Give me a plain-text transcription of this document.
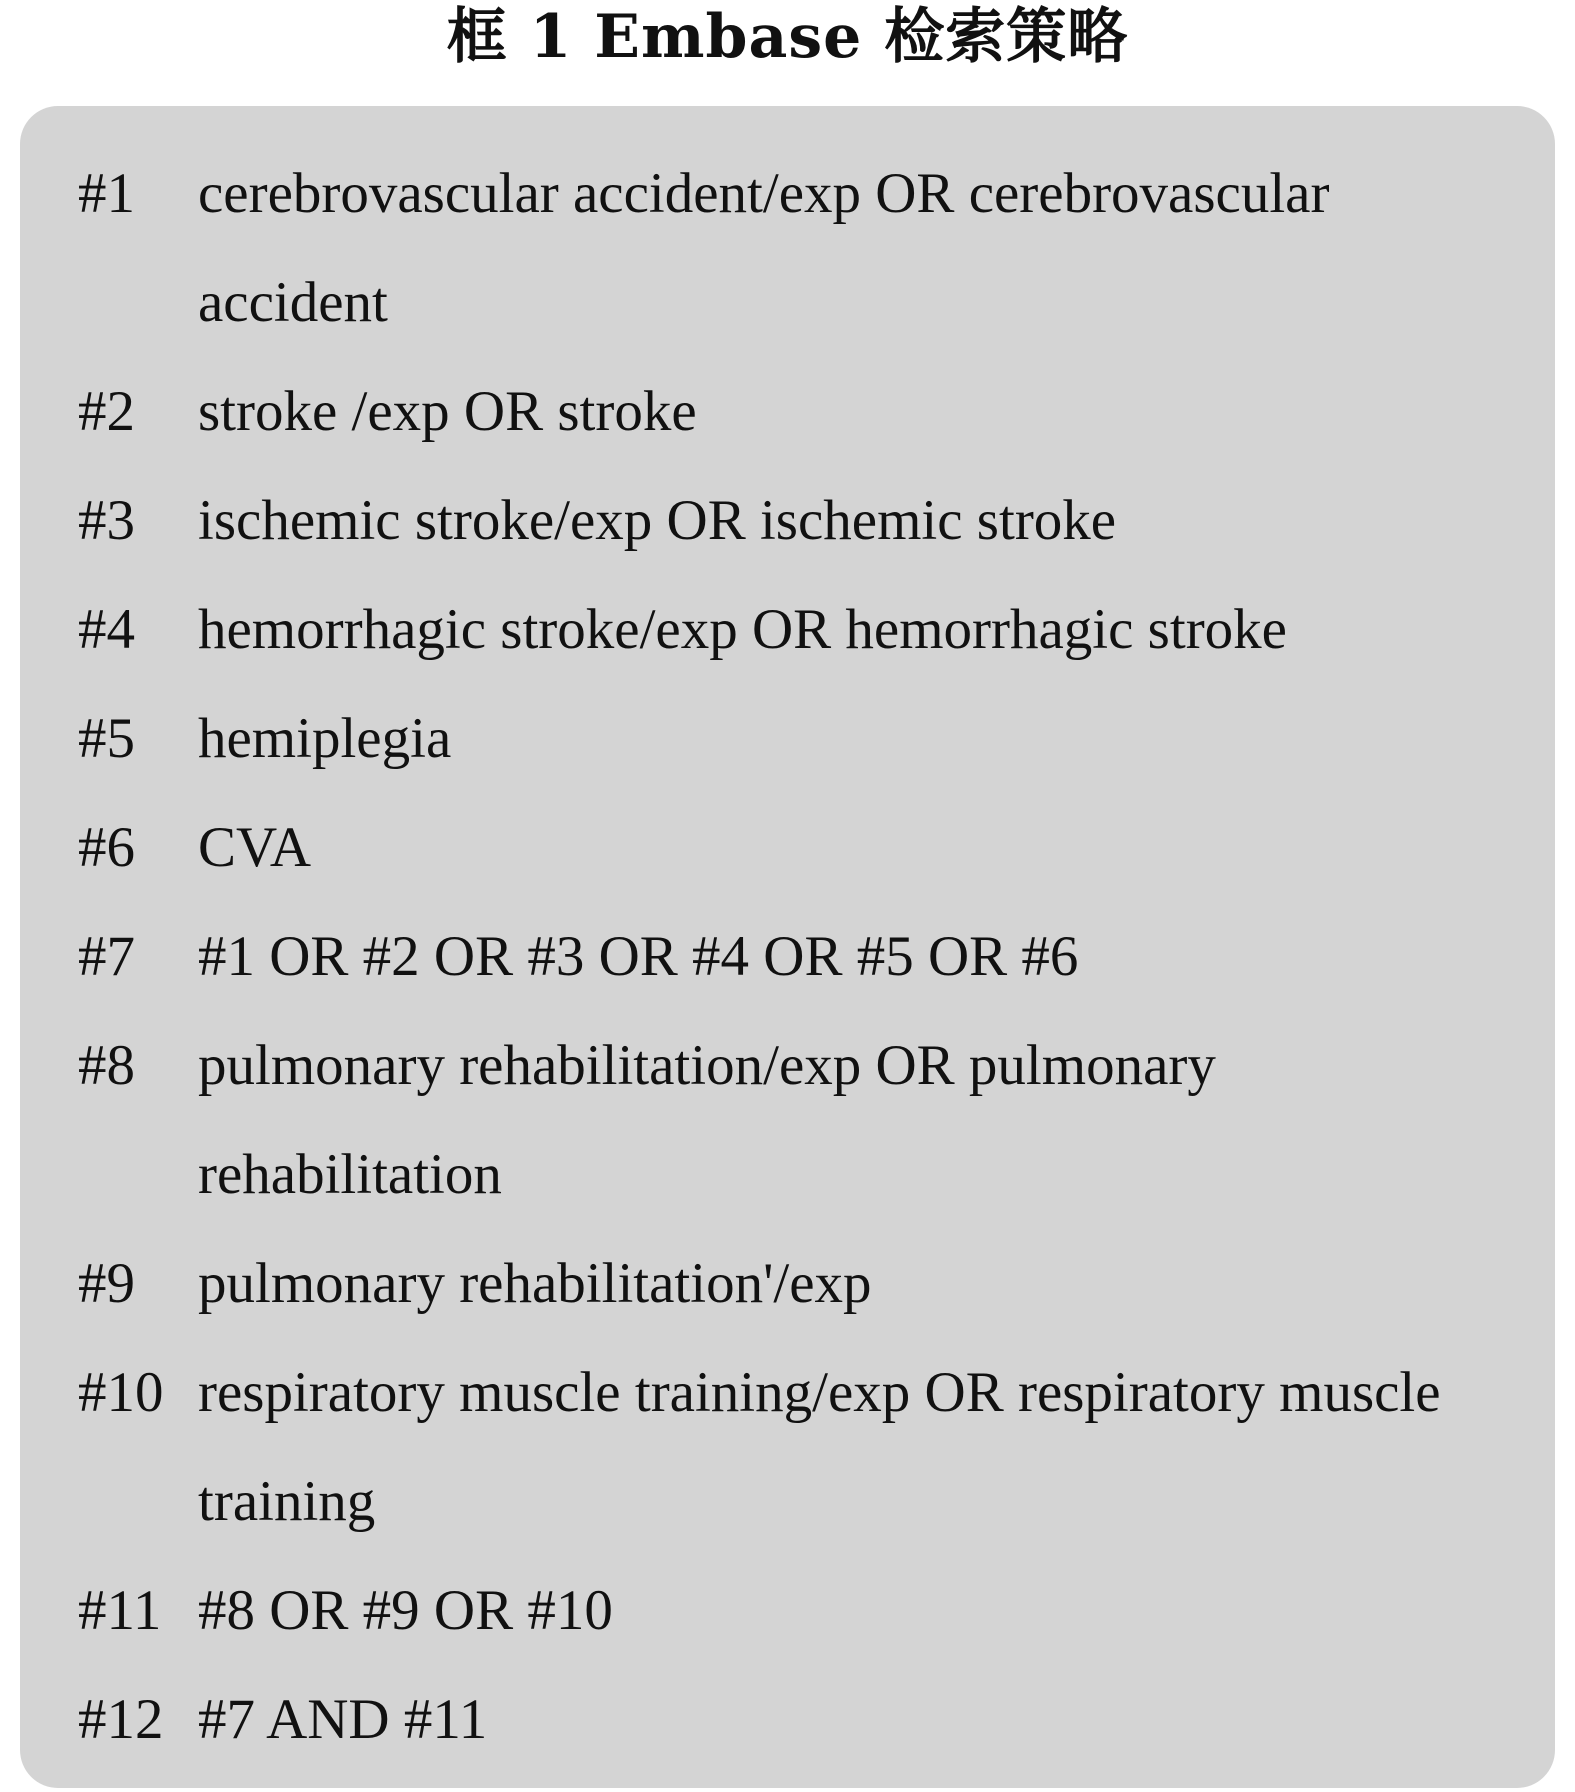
框 1 Embase 检索策略
#1	cerebrovascular accident/exp OR cerebrovascular accident
#2	stroke /exp OR stroke
#3	ischemic stroke/exp OR ischemic stroke
#4	hemorrhagic stroke/exp OR hemorrhagic stroke
#5	hemiplegia
#6	CVA
#7	#1 OR #2 OR #3 OR #4 OR #5 OR #6
#8	pulmonary rehabilitation/exp OR pulmonary rehabilitation
#9	pulmonary rehabilitation'/exp
#10 respiratory muscle training/exp OR respiratory muscle training
#11 #8 OR #9 OR #10
#12 #7 AND #11
